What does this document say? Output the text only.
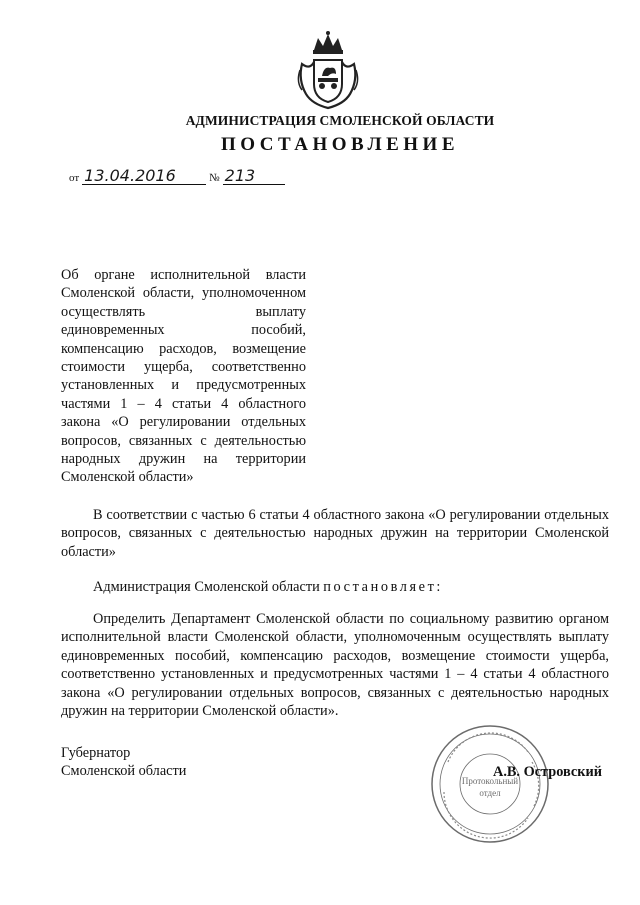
АДМИНИСТРАЦИЯ СМОЛЕНСКОЙ ОБЛАСТИ
ПОСТАНОВЛЕНИЕ
от 13.04.2016	№ 213
Об органе исполнительной власти Смоленской области, уполномоченном осуществлять выплату единовременных пособий, компенсацию расходов, возмещение стоимости ущерба, соответственно установленных и предусмотренных частями 1 – 4 статьи 4 областного закона «О регулировании отдельных вопросов, связанных с деятельностью народных дружин на территории Смоленской области»
В соответствии с частью 6 статьи 4 областного закона «О регулировании отдельных вопросов, связанных с деятельностью народных дружин на территории Смоленской области»
Администрация Смоленской области постановляет:
Определить Департамент Смоленской области по социальному развитию органом исполнительной власти Смоленской области, уполномоченным осуществлять выплату единовременных пособий, компенсацию расходов, возмещение стоимости ущерба, соответственно установленных и предусмотренных частями 1 – 4 статьи 4 областного закона «О регулировании отдельных вопросов, связанных с деятельностью народных дружин на территории Смоленской области».
Губернатор
Смоленской области
Протокольный
отдел
А.В. Островский
